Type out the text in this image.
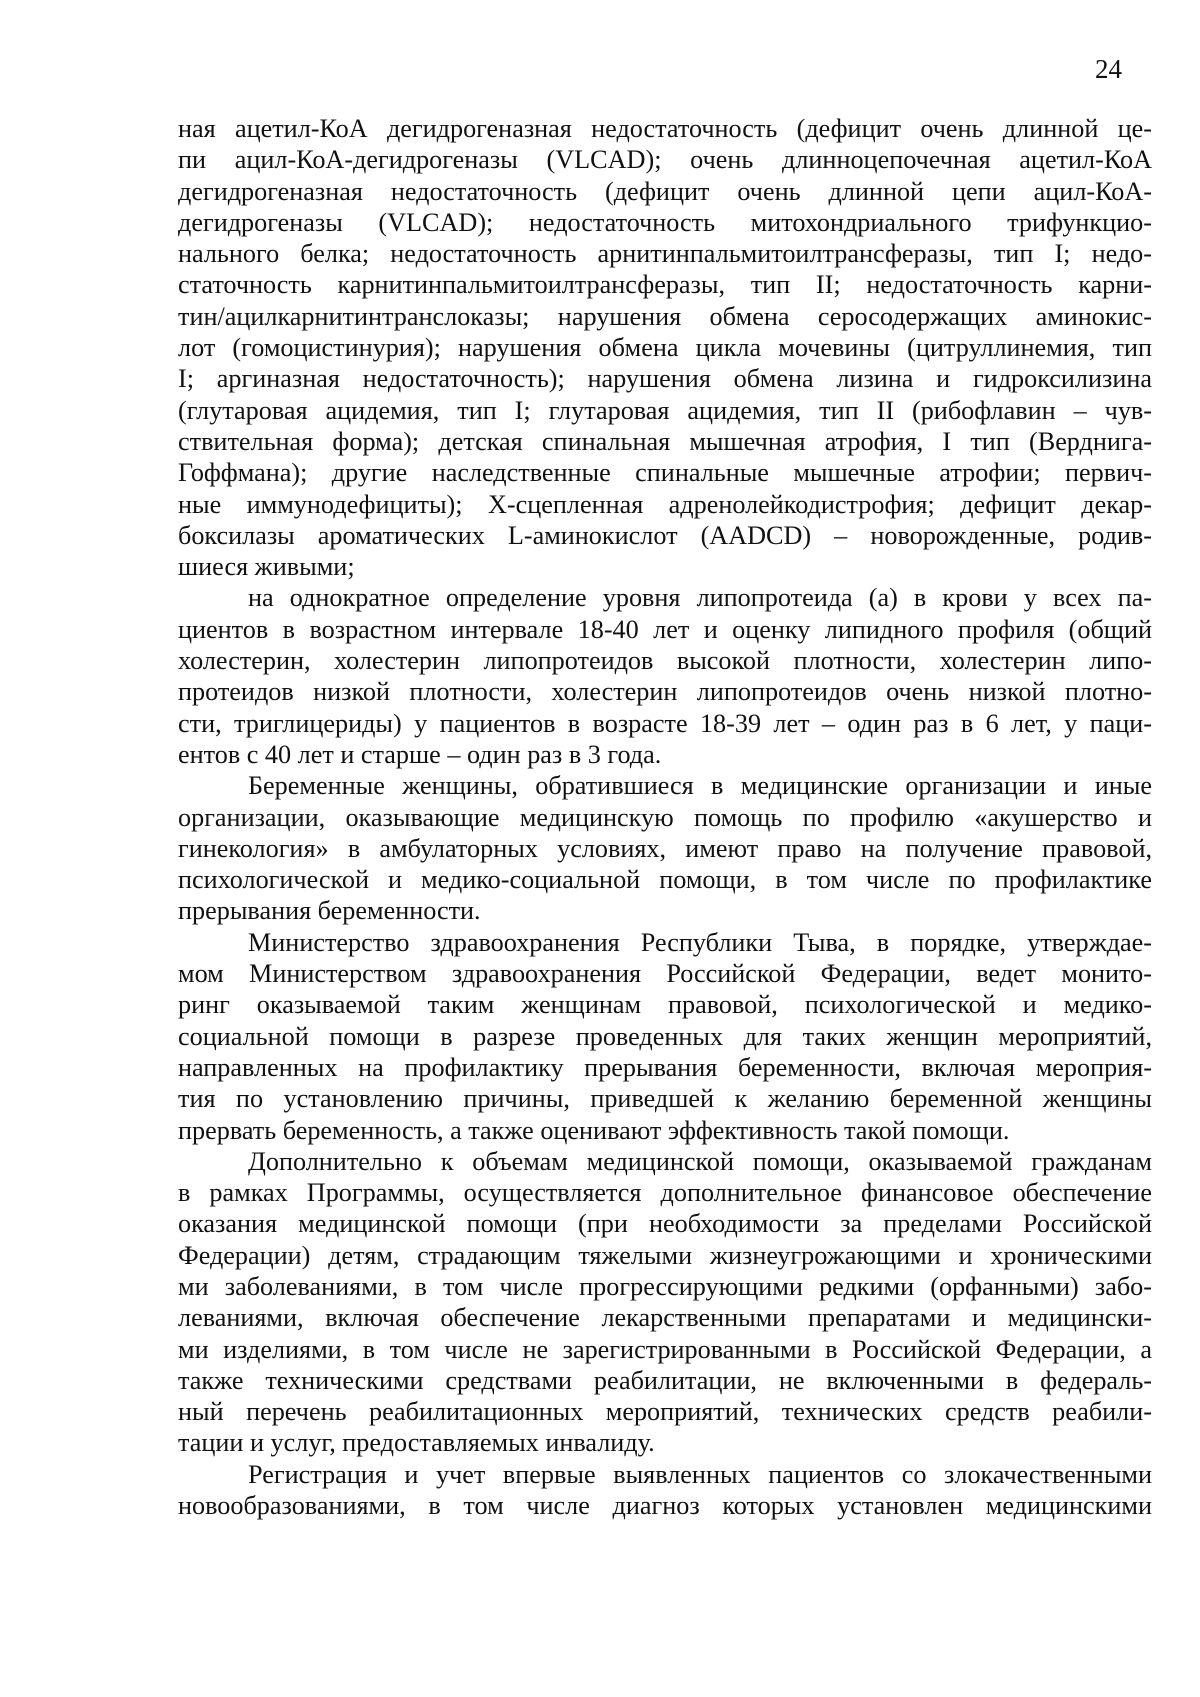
24
ная ацетил-КоА дегидрогеназная недостаточность (дефицит очень длинной це-
пи ацил-КоА-дегидрогеназы (VLCAD); очень длинноцепочечная ацетил-КоА
дегидрогеназная недостаточность (дефицит очень длинной цепи ацил-КоА-
дегидрогеназы (VLCAD); недостаточность митохондриального трифункцио-
нального белка; недостаточность арнитинпальмитоилтрансферазы, тип I; недо-
статочность карнитинпальмитоилтрансферазы, тип II; недостаточность карни-
тин/ацилкарнитинтранслоказы; нарушения обмена серосодержащих аминокис-
лот (гомоцистинурия); нарушения обмена цикла мочевины (цитруллинемия, тип
I; аргиназная недостаточность); нарушения обмена лизина и гидроксилизина
(глутаровая ацидемия, тип I; глутаровая ацидемия, тип II (рибофлавин – чув-
ствительная форма); детская спинальная мышечная атрофия, I тип (Верднига-
Гоффмана); другие наследственные спинальные мышечные атрофии; первич-
ные иммунодефициты); Х-сцепленная адренолейкодистрофия; дефицит декар-
боксилазы ароматических L-аминокислот (AADCD) – новорожденные, родив-
шиеся живыми;
на однократное определение уровня липопротеида (а) в крови у всех па-
циентов в возрастном интервале 18-40 лет и оценку липидного профиля (общий
холестерин, холестерин липопротеидов высокой плотности, холестерин липо-
протеидов низкой плотности, холестерин липопротеидов очень низкой плотно-
сти, триглицериды) у пациентов в возрасте 18-39 лет – один раз в 6 лет, у паци-
ентов с 40 лет и старше – один раз в 3 года.
Беременные женщины, обратившиеся в медицинские организации и иные
организации, оказывающие медицинскую помощь по профилю «акушерство и
гинекология» в амбулаторных условиях, имеют право на получение правовой,
психологической и медико-социальной помощи, в том числе по профилактике
прерывания беременности.
Министерство здравоохранения Республики Тыва, в порядке, утверждае-
мом Министерством здравоохранения Российской Федерации, ведет монито-
ринг оказываемой таким женщинам правовой, психологической и медико-
социальной помощи в разрезе проведенных для таких женщин мероприятий,
направленных на профилактику прерывания беременности, включая мероприя-
тия по установлению причины, приведшей к желанию беременной женщины
прервать беременность, а также оценивают эффективность такой помощи.
Дополнительно к объемам медицинской помощи, оказываемой гражданам
в рамках Программы, осуществляется дополнительное финансовое обеспечение
оказания медицинской помощи (при необходимости за пределами Российской
Федерации) детям, страдающим тяжелыми жизнеугрожающими и хроническими
ми заболеваниями, в том числе прогрессирующими редкими (орфанными) забо-
леваниями, включая обеспечение лекарственными препаратами и медицински-
ми изделиями, в том числе не зарегистрированными в Российской Федерации, а
также техническими средствами реабилитации, не включенными в федераль-
ный перечень реабилитационных мероприятий, технических средств реабили-
тации и услуг, предоставляемых инвалиду.
Регистрация и учет впервые выявленных пациентов со злокачественными
новообразованиями, в том числе диагноз которых установлен медицинскими
